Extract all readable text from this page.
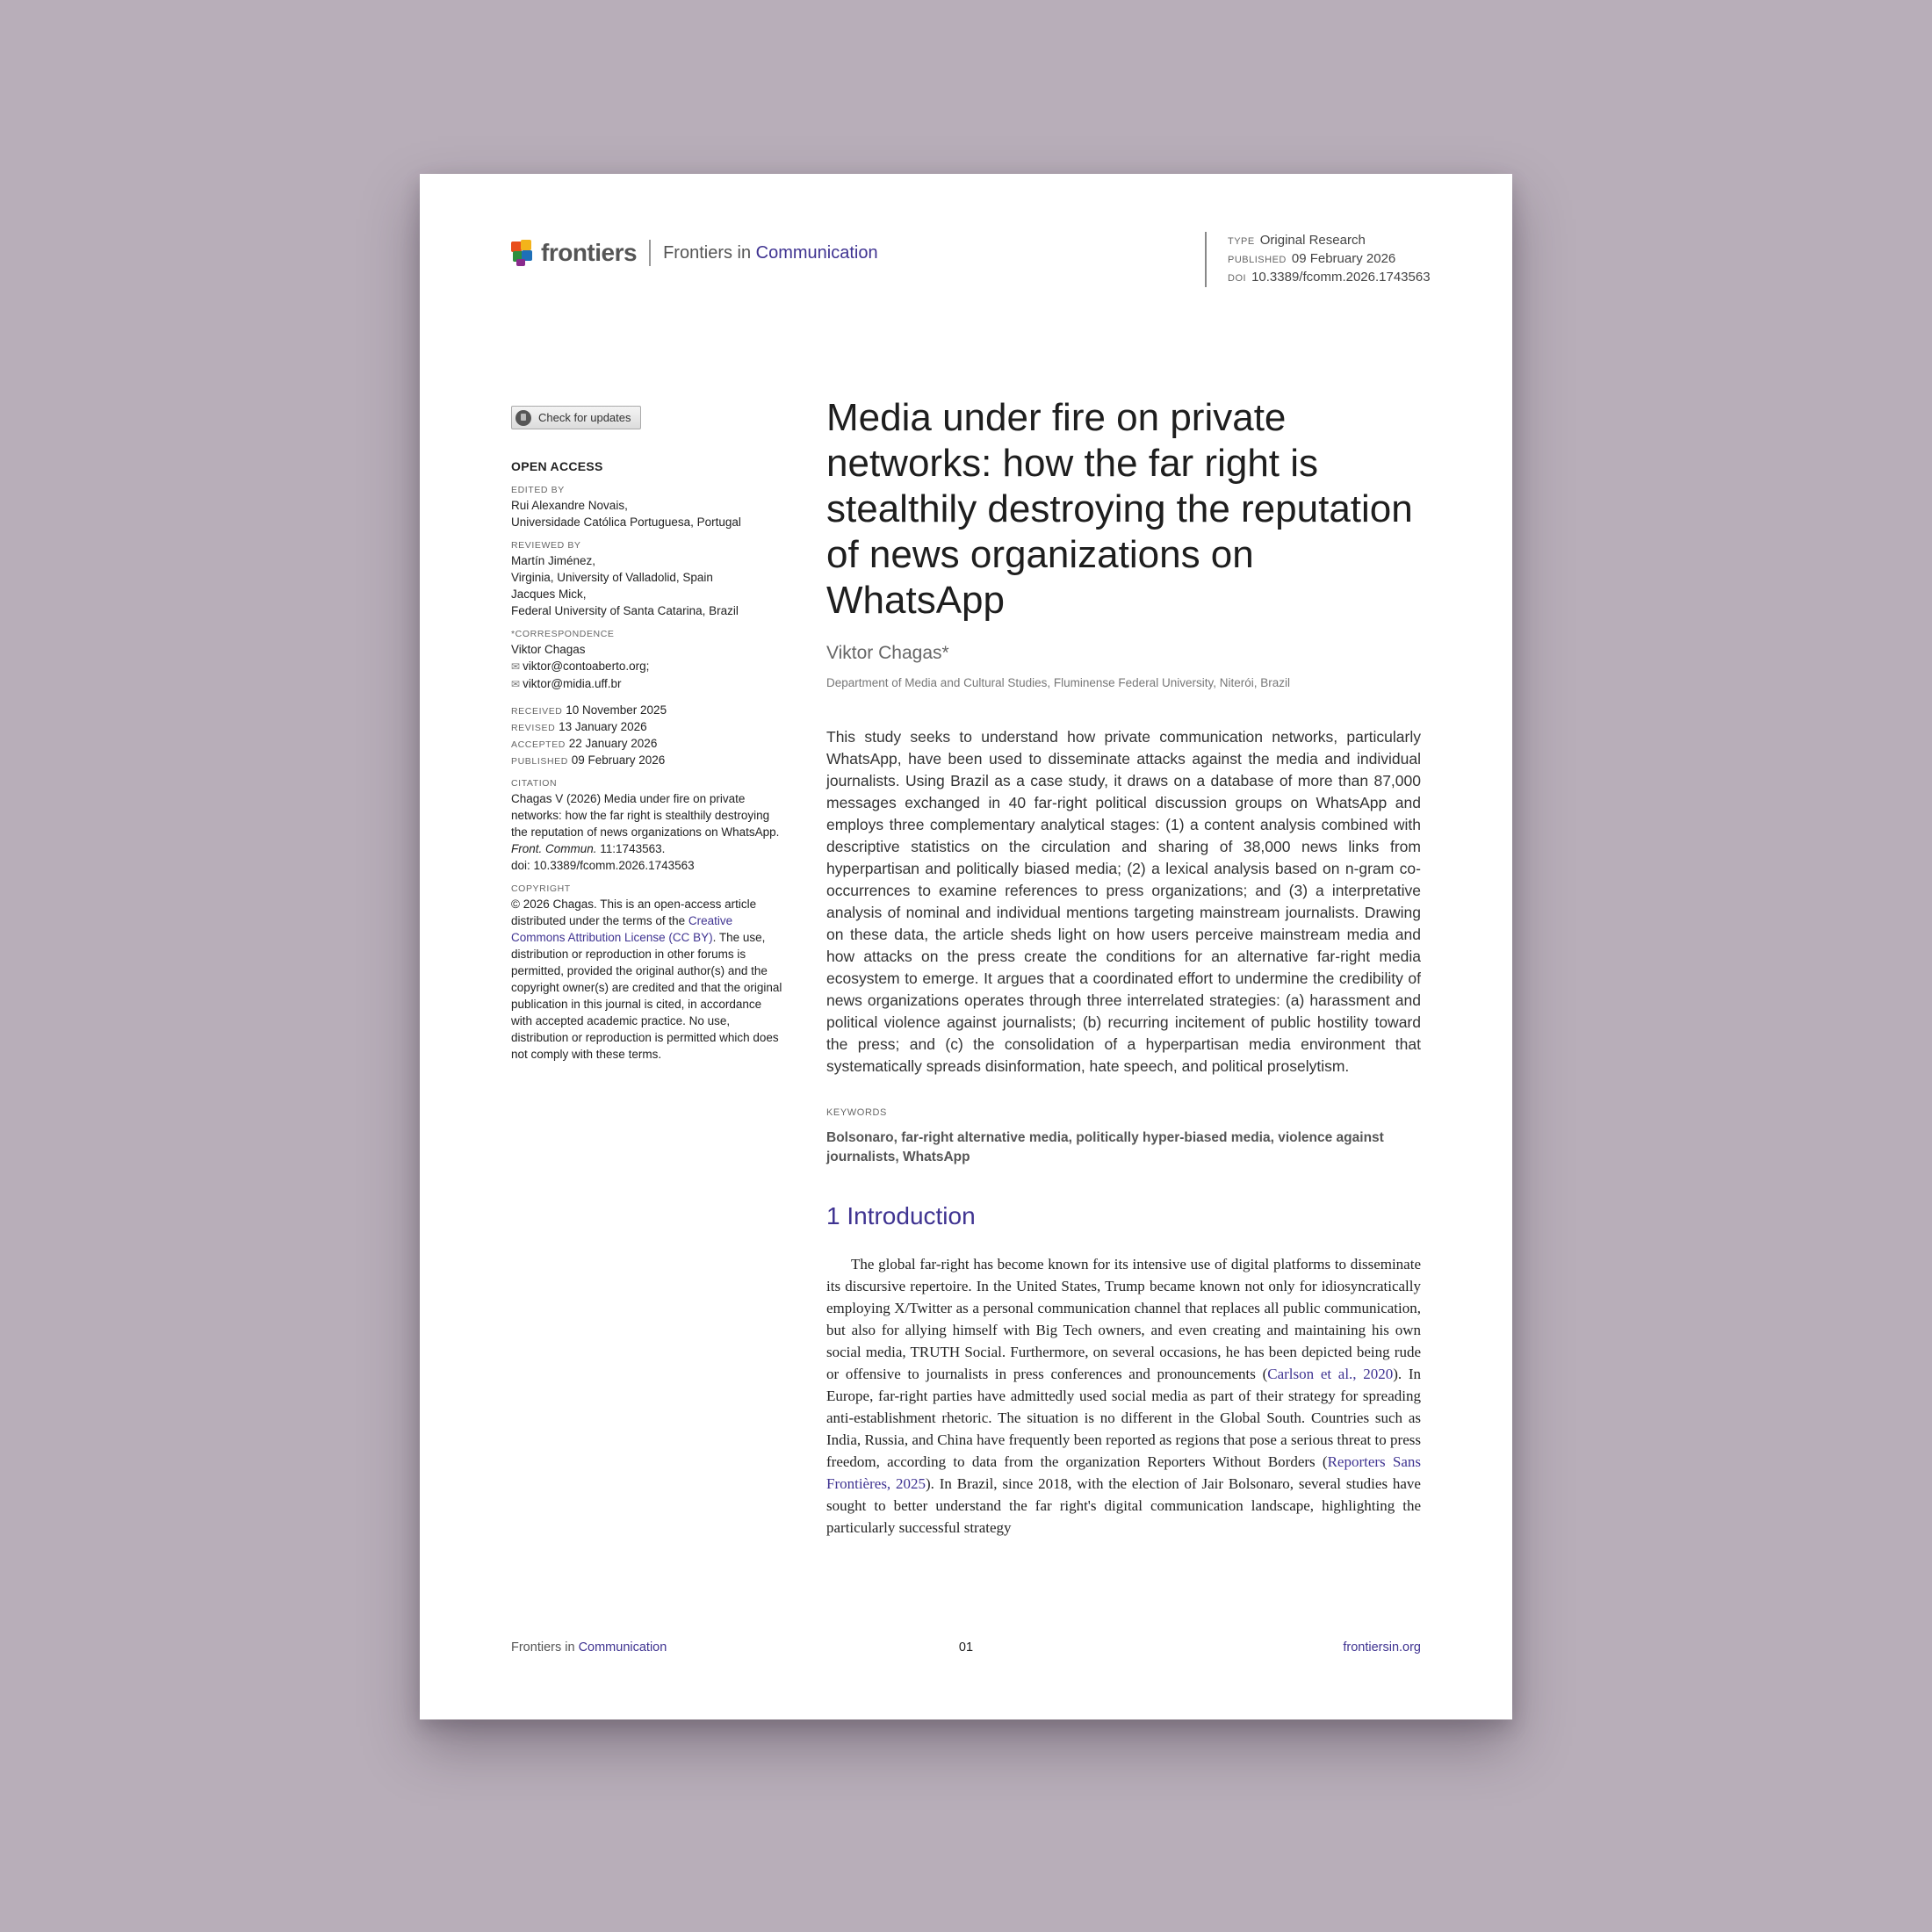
frontiers Frontiers in Communication
TYPE Original Research
PUBLISHED 09 February 2026
DOI 10.3389/fcomm.2026.1743563
Check for updates
OPEN ACCESS
EDITED BY
Rui Alexandre Novais,
Universidade Católica Portuguesa, Portugal
REVIEWED BY
Martín Jiménez,
Virginia, University of Valladolid, Spain
Jacques Mick,
Federal University of Santa Catarina, Brazil
*CORRESPONDENCE
Viktor Chagas
✉ viktor@contoaberto.org;
✉ viktor@midia.uff.br
RECEIVED 10 November 2025
REVISED 13 January 2026
ACCEPTED 22 January 2026
PUBLISHED 09 February 2026
CITATION
Chagas V (2026) Media under fire on private networks: how the far right is stealthily destroying the reputation of news organizations on WhatsApp.
Front. Commun. 11:1743563.
doi: 10.3389/fcomm.2026.1743563
COPYRIGHT
© 2026 Chagas. This is an open-access article distributed under the terms of the Creative Commons Attribution License (CC BY). The use, distribution or reproduction in other forums is permitted, provided the original author(s) and the copyright owner(s) are credited and that the original publication in this journal is cited, in accordance with accepted academic practice. No use, distribution or reproduction is permitted which does not comply with these terms.
Media under fire on private networks: how the far right is stealthily destroying the reputation of news organizations on WhatsApp
Viktor Chagas*
Department of Media and Cultural Studies, Fluminense Federal University, Niterói, Brazil
This study seeks to understand how private communication networks, particularly WhatsApp, have been used to disseminate attacks against the media and individual journalists. Using Brazil as a case study, it draws on a database of more than 87,000 messages exchanged in 40 far-right political discussion groups on WhatsApp and employs three complementary analytical stages: (1) a content analysis combined with descriptive statistics on the circulation and sharing of 38,000 news links from hyperpartisan and politically biased media; (2) a lexical analysis based on n-gram co-occurrences to examine references to press organizations; and (3) a interpretative analysis of nominal and individual mentions targeting mainstream journalists. Drawing on these data, the article sheds light on how users perceive mainstream media and how attacks on the press create the conditions for an alternative far-right media ecosystem to emerge. It argues that a coordinated effort to undermine the credibility of news organizations operates through three interrelated strategies: (a) harassment and political violence against journalists; (b) recurring incitement of public hostility toward the press; and (c) the consolidation of a hyperpartisan media environment that systematically spreads disinformation, hate speech, and political proselytism.
KEYWORDS
Bolsonaro, far-right alternative media, politically hyper-biased media, violence against journalists, WhatsApp
1 Introduction
The global far-right has become known for its intensive use of digital platforms to disseminate its discursive repertoire. In the United States, Trump became known not only for idiosyncratically employing X/Twitter as a personal communication channel that replaces all public communication, but also for allying himself with Big Tech owners, and even creating and maintaining his own social media, TRUTH Social. Furthermore, on several occasions, he has been depicted being rude or offensive to journalists in press conferences and pronouncements (Carlson et al., 2020). In Europe, far-right parties have admittedly used social media as part of their strategy for spreading anti-establishment rhetoric. The situation is no different in the Global South. Countries such as India, Russia, and China have frequently been reported as regions that pose a serious threat to press freedom, according to data from the organization Reporters Without Borders (Reporters Sans Frontières, 2025). In Brazil, since 2018, with the election of Jair Bolsonaro, several studies have sought to better understand the far right's digital communication landscape, highlighting the particularly successful strategy
Frontiers in Communication	01	frontiersin.org
